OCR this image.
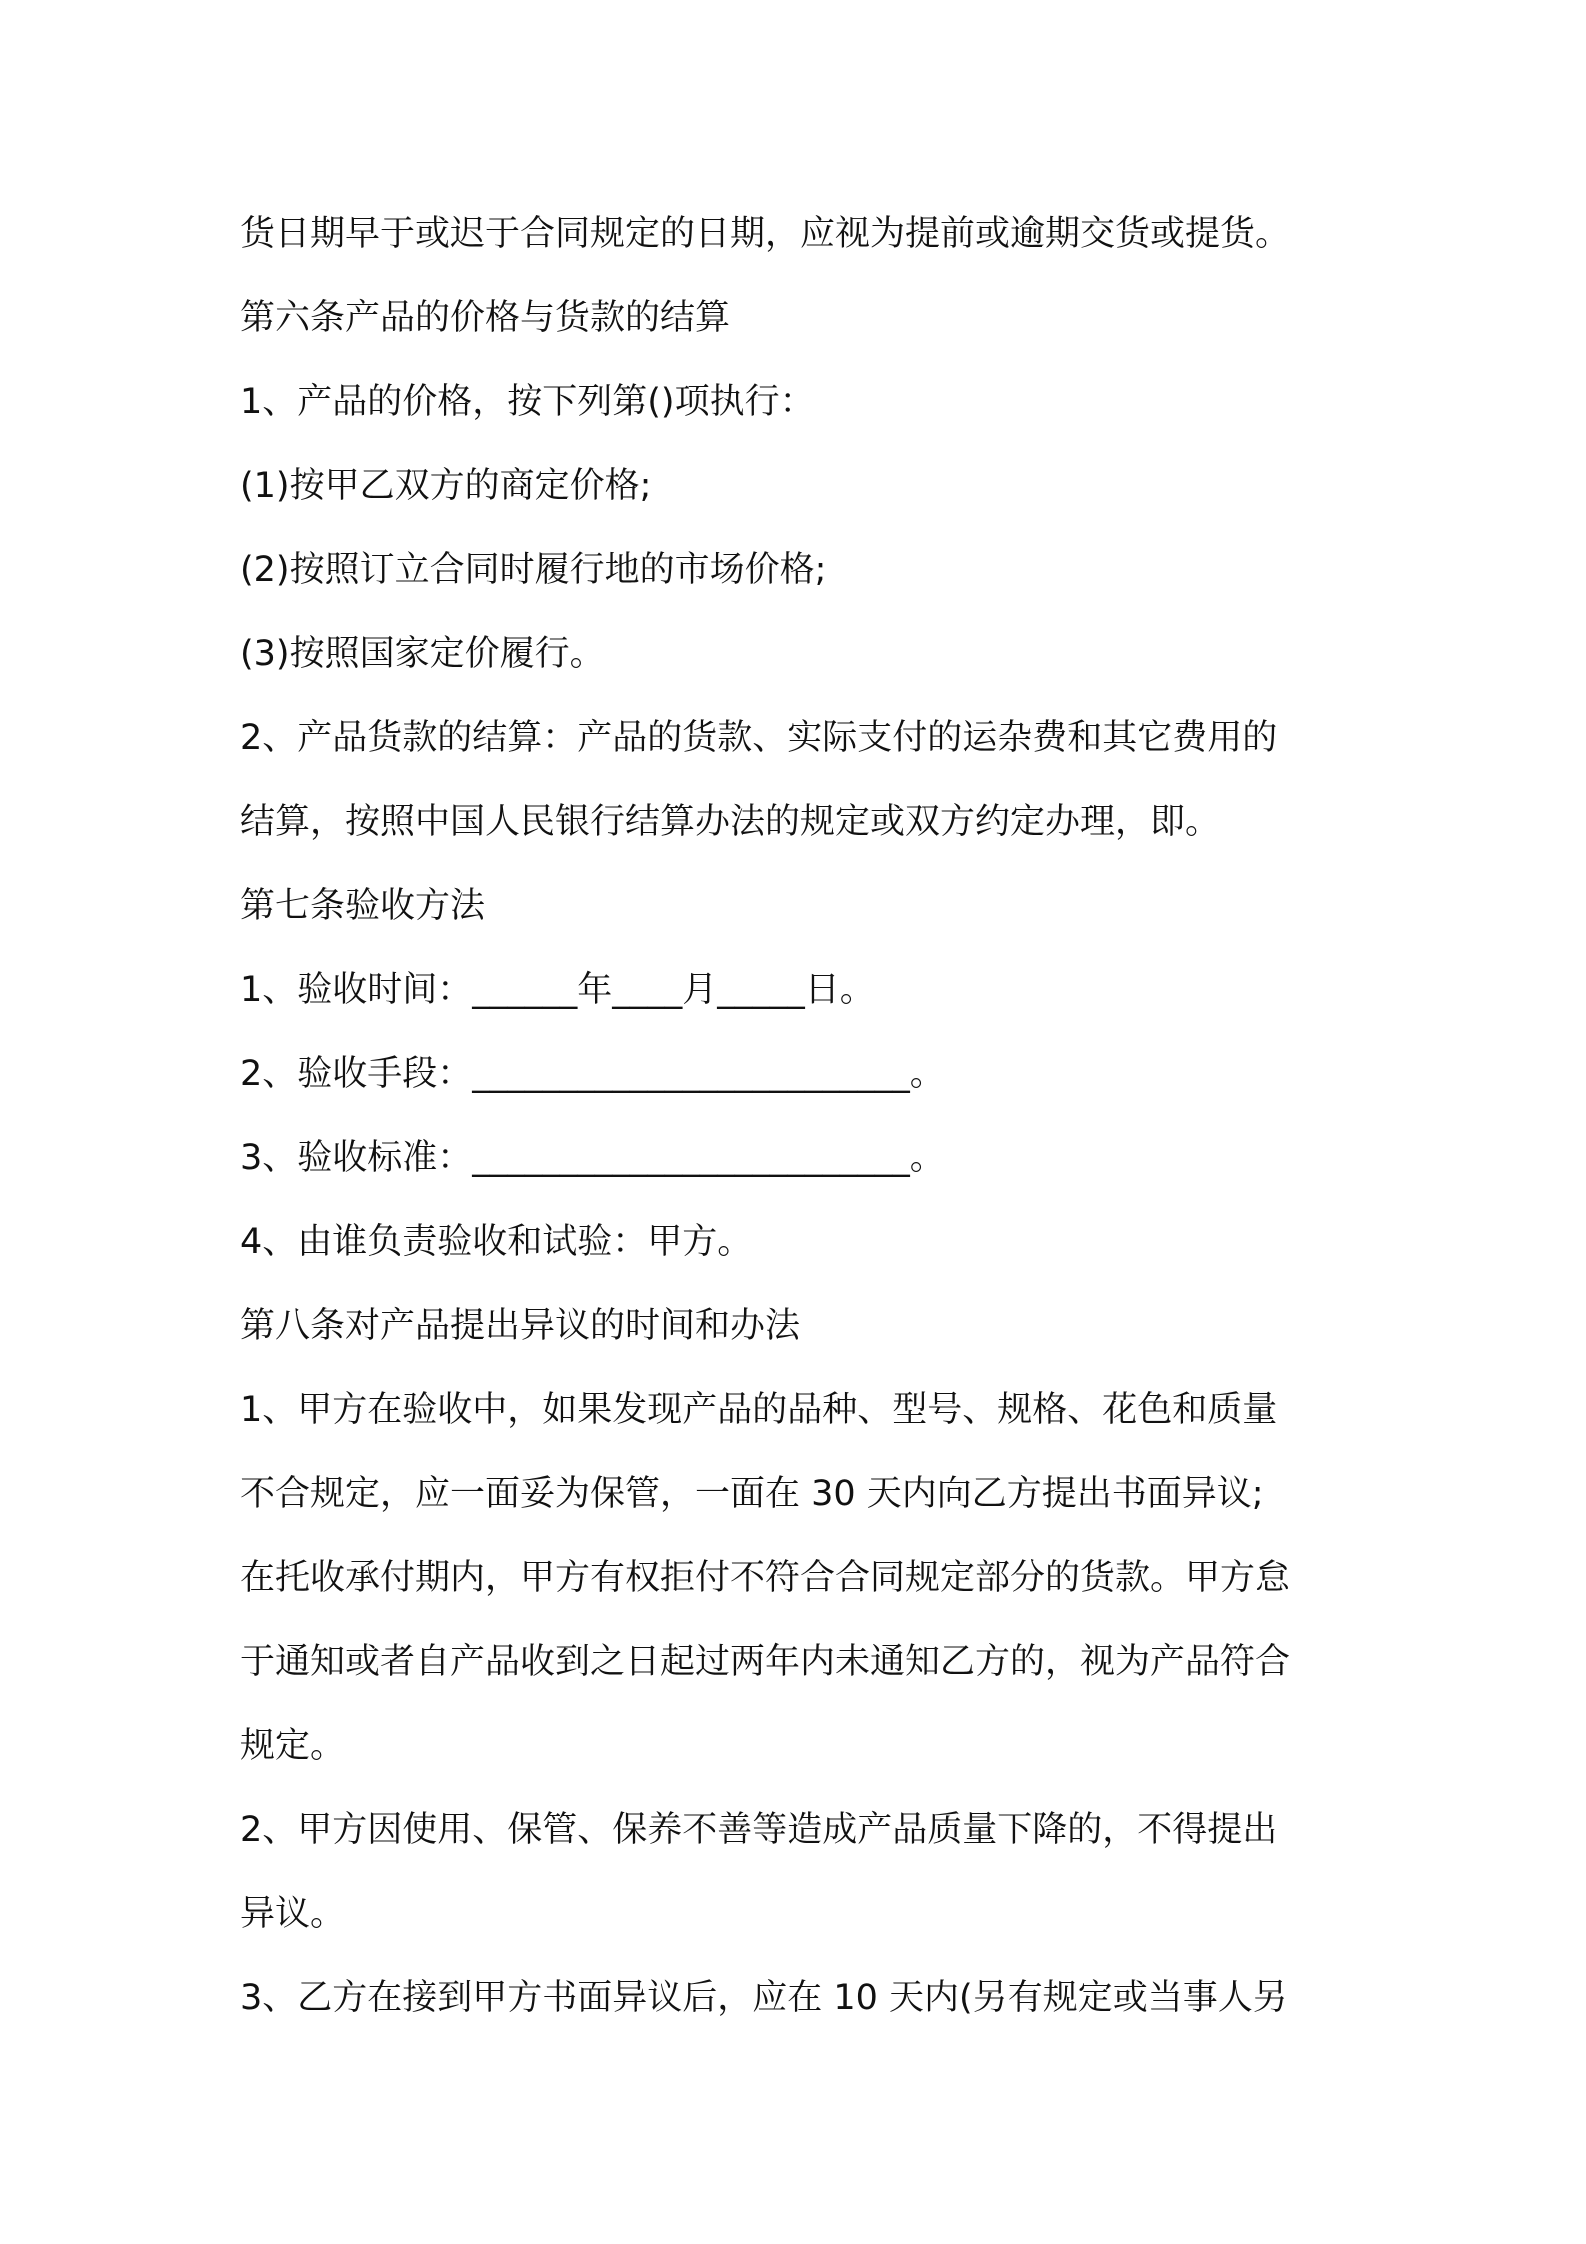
货日期早于或迟于合同规定的日期，应视为提前或逾期交货或提货。
第六条产品的价格与货款的结算
1、产品的价格，按下列第()项执行：
(1)按甲乙双方的商定价格;
(2)按照订立合同时履行地的市场价格;
(3)按照国家定价履行。
2、产品货款的结算：产品的货款、实际支付的运杂费和其它费用的
结算，按照中国人民银行结算办法的规定或双方约定办理，即。
第七条验收方法
1、验收时间：______年____月_____日。
2、验收手段：_________________________。
3、验收标准：_________________________。
4、由谁负责验收和试验：甲方。
第八条对产品提出异议的时间和办法
1、甲方在验收中，如果发现产品的品种、型号、规格、花色和质量
不合规定，应一面妥为保管，一面在 30 天内向乙方提出书面异议;
在托收承付期内，甲方有权拒付不符合合同规定部分的货款。甲方怠
于通知或者自产品收到之日起过两年内未通知乙方的，视为产品符合
规定。
2、甲方因使用、保管、保养不善等造成产品质量下降的，不得提出
异议。
3、乙方在接到甲方书面异议后，应在 10 天内(另有规定或当事人另
